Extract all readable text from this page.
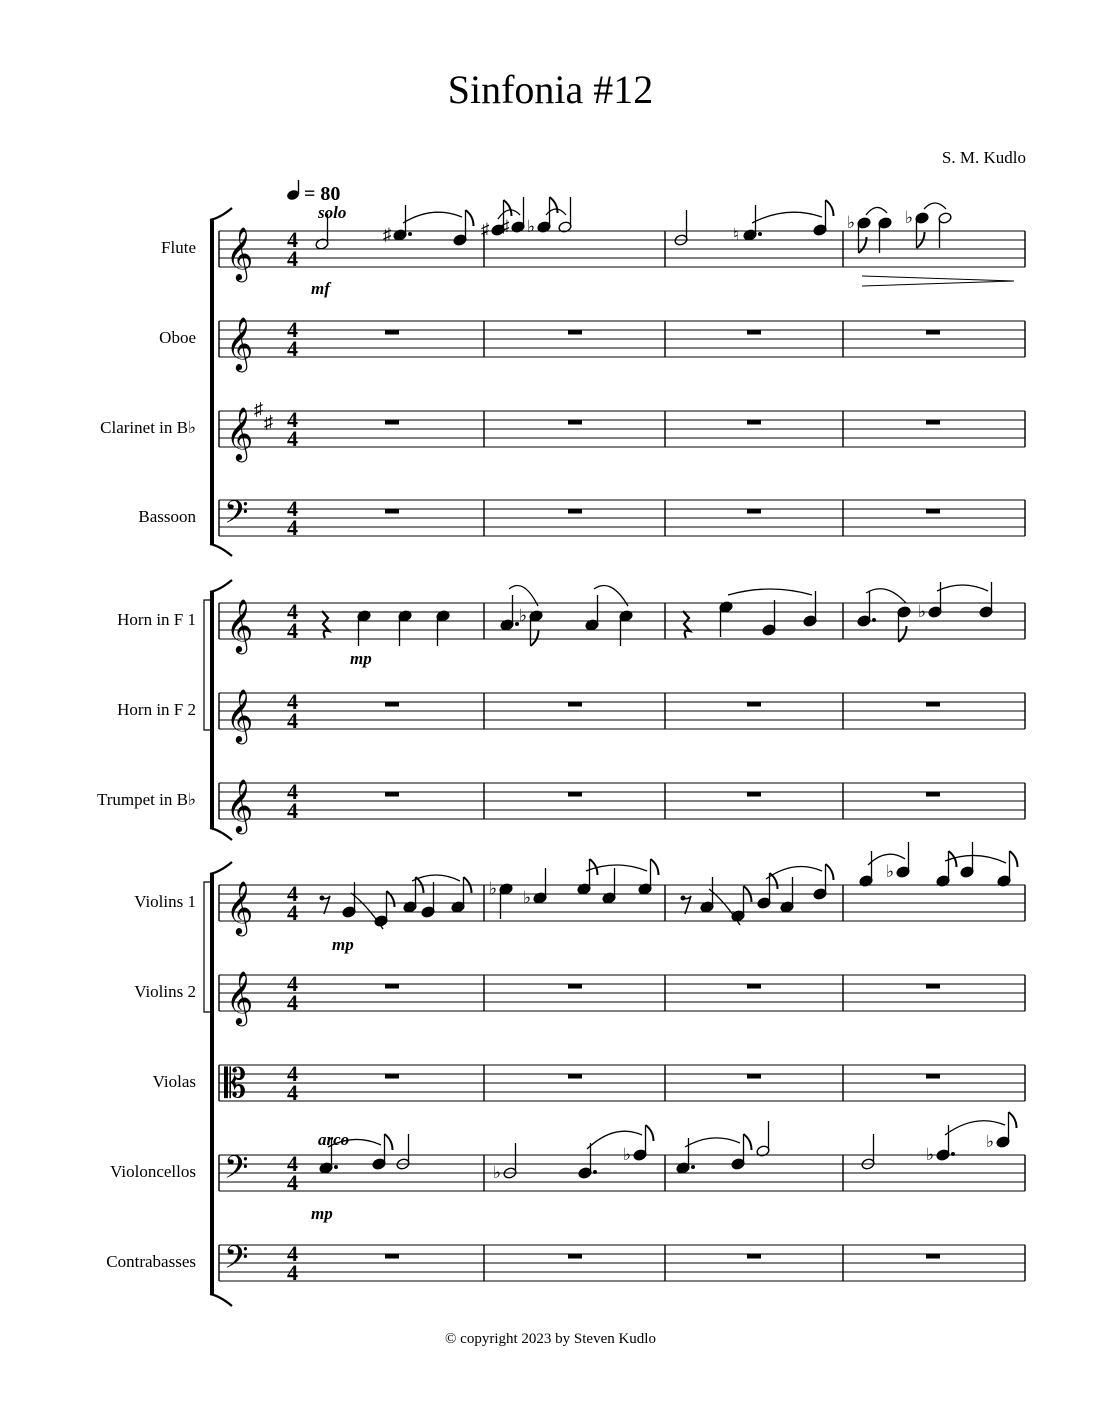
Sinfonia #12
S. M. Kudlo
= 80
𝄞 4
4
𝄞 4
4
𝄞 ♯
♯ 4
4
𝄢 4
4
𝄞 4
4
𝄞 4
4
𝄞 4
4
𝄞 4
4
𝄞 4
4
𝄡 4
4
𝄢 4
4
𝄢 4
4
Flute
Oboe
Clarinet in B♭
Bassoon
Horn in F 1
Horn in F 2
Trumpet in B♭
Violins 1
Violins 2
Violas
Violoncellos
Contrabasses
solo
mf
mp
mp
arco
mp
♯	♯ ♯ ♭	♮
♭	♭
♭	♭
♭ ♭
♭
♭
♭	♭
♭
© copyright 2023 by Steven Kudlo
